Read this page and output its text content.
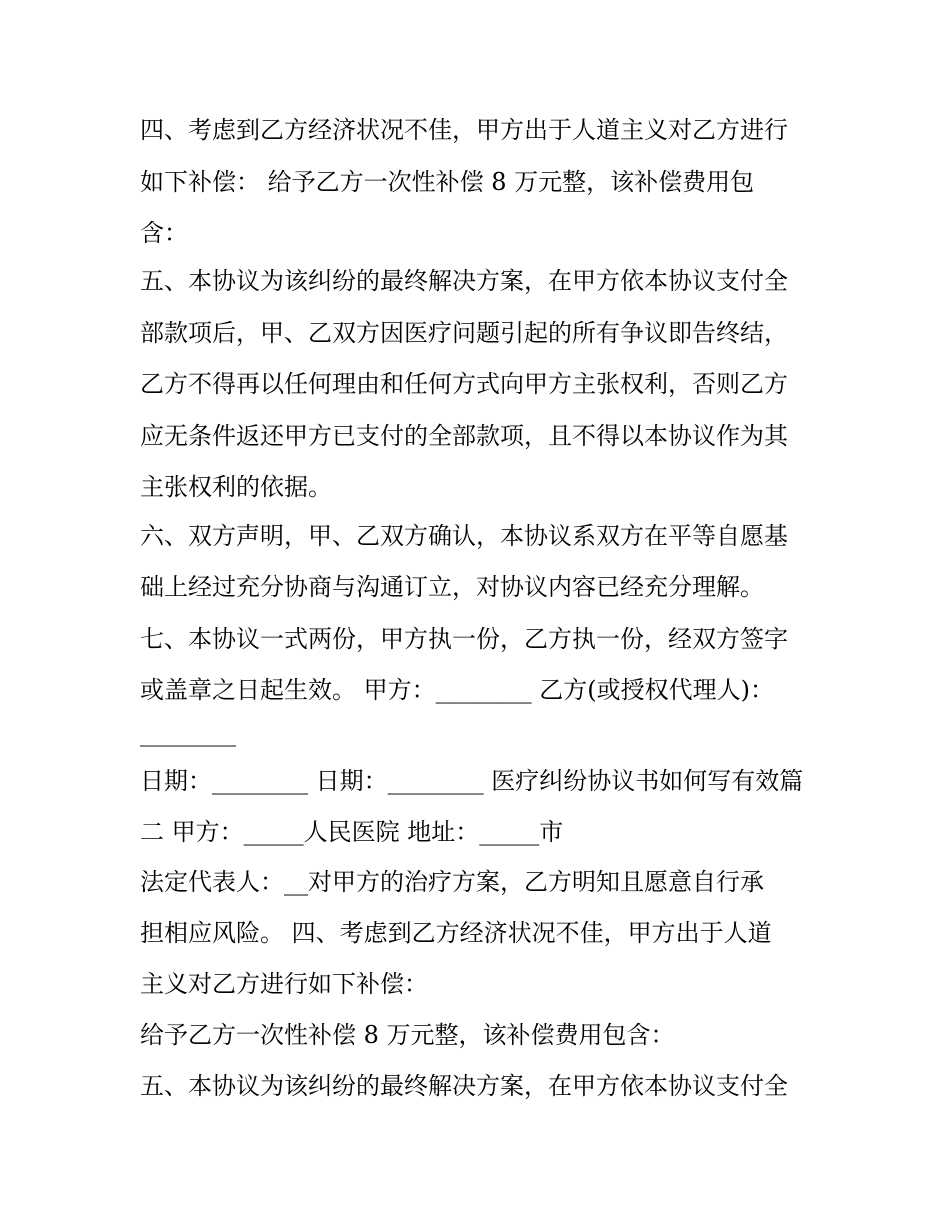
四、考虑到乙方经济状况不佳，甲方出于人道主义对乙方进行
如下补偿： 给予乙方一次性补偿 8 万元整，该补偿费用包
含：
五、本协议为该纠纷的最终解决方案，在甲方依本协议支付全
部款项后，甲、乙双方因医疗问题引起的所有争议即告终结，
乙方不得再以任何理由和任何方式向甲方主张权利，否则乙方
应无条件返还甲方已支付的全部款项，且不得以本协议作为其
主张权利的依据。
六、双方声明，甲、乙双方确认，本协议系双方在平等自愿基
础上经过充分协商与沟通订立，对协议内容已经充分理解。
七、本协议一式两份，甲方执一份，乙方执一份，经双方签字
或盖章之日起生效。 甲方：________ 乙方(或授权代理人)：
________
日期：________ 日期：________ 医疗纠纷协议书如何写有效篇
二 甲方：_____人民医院 地址：_____市
法定代表人：__对甲方的治疗方案，乙方明知且愿意自行承
担相应风险。 四、考虑到乙方经济状况不佳，甲方出于人道
主义对乙方进行如下补偿：
给予乙方一次性补偿 8 万元整，该补偿费用包含：
五、本协议为该纠纷的最终解决方案，在甲方依本协议支付全
